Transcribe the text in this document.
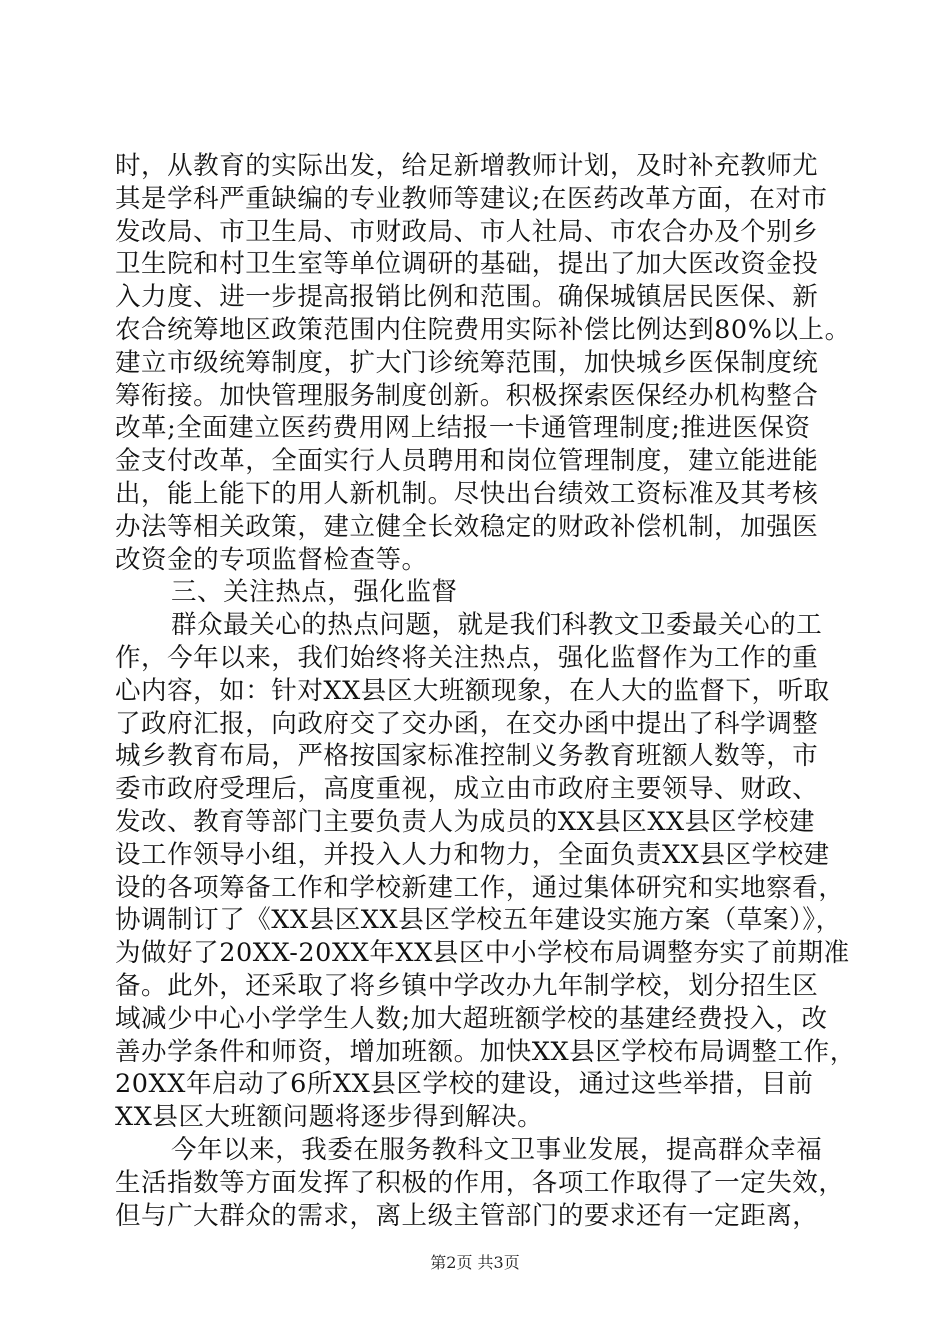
时，从教育的实际出发，给足新增教师计划，及时补充教师尤
其是学科严重缺编的专业教师等建议;在医药改革方面，在对市
发改局、市卫生局、市财政局、市人社局、市农合办及个别乡
卫生院和村卫生室等单位调研的基础，提出了加大医改资金投
入力度、进一步提高报销比例和范围。确保城镇居民医保、新
农合统筹地区政策范围内住院费用实际补偿比例达到80%以上。
建立市级统筹制度，扩大门诊统筹范围，加快城乡医保制度统
筹衔接。加快管理服务制度创新。积极探索医保经办机构整合
改革;全面建立医药费用网上结报一卡通管理制度;推进医保资
金支付改革，全面实行人员聘用和岗位管理制度，建立能进能
出，能上能下的用人新机制。尽快出台绩效工资标准及其考核
办法等相关政策，建立健全长效稳定的财政补偿机制，加强医
改资金的专项监督检查等。
三、关注热点，强化监督
群众最关心的热点问题，就是我们科教文卫委最关心的工
作，今年以来，我们始终将关注热点，强化监督作为工作的重
心内容，如：针对XX县区大班额现象，在人大的监督下，听取
了政府汇报，向政府交了交办函，在交办函中提出了科学调整
城乡教育布局，严格按国家标准控制义务教育班额人数等，市
委市政府受理后，高度重视，成立由市政府主要领导、财政、
发改、教育等部门主要负责人为成员的XX县区XX县区学校建
设工作领导小组，并投入人力和物力，全面负责XX县区学校建
设的各项筹备工作和学校新建工作，通过集体研究和实地察看，
协调制订了《XX县区XX县区学校五年建设实施方案（草案）》，
为做好了20XX-20XX年XX县区中小学校布局调整夯实了前期准
备。此外，还采取了将乡镇中学改办九年制学校，划分招生区
域减少中心小学学生人数;加大超班额学校的基建经费投入，改
善办学条件和师资，增加班额。加快XX县区学校布局调整工作，
20XX年启动了6所XX县区学校的建设，通过这些举措，目前
XX县区大班额问题将逐步得到解决。
今年以来，我委在服务教科文卫事业发展，提高群众幸福
生活指数等方面发挥了积极的作用，各项工作取得了一定失效，
但与广大群众的需求，离上级主管部门的要求还有一定距离，
第2页 共3页
